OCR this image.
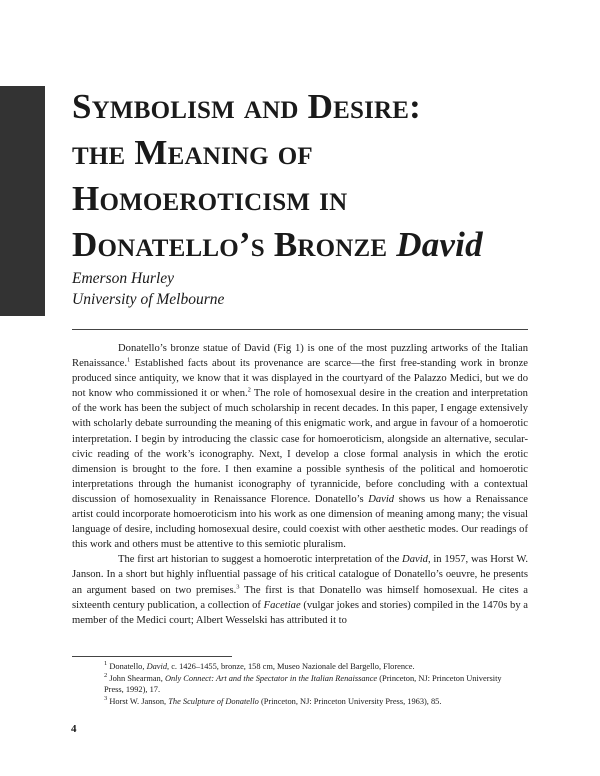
Symbolism and Desire:
the Meaning of
Homoeroticism in
Donatello’s Bronze David
Emerson Hurley
University of Melbourne

Donatello’s bronze statue of David (Fig 1) is one of the most puzzling artworks of the Italian Renaissance.$^1$ Established facts about its provenance are scarce—the first free-standing work in bronze produced since antiquity, we know that it was displayed in the courtyard of the Palazzo Medici, but we do not know who commissioned it or when.$^2$ The role of homosexual desire in the creation and interpretation of the work has been the subject of much scholarship in recent decades. In this paper, I engage extensively with scholarly debate surrounding the meaning of this enigmatic work, and argue in favour of a homoerotic interpretation. I begin by introducing the classic case for homoeroticism, alongside an alternative, secular-civic reading of the work’s iconography. Next, I develop a close formal analysis in which the erotic dimension is brought to the fore. I then examine a possible synthesis of the political and homoerotic interpretations through the humanist iconography of tyrannicide, before concluding with a contextual discussion of homosexuality in Renaissance Florence. Donatello’s David shows us how a Renaissance artist could incorporate homoeroticism into his work as one dimension of meaning among many; the visual language of desire, including homosexual desire, could coexist with other aesthetic modes. Our readings of this work and others must be attentive to this semiotic pluralism.

The first art historian to suggest a homoerotic interpretation of the David, in 1957, was Horst W. Janson. In a short but highly influential passage of his critical catalogue of Donatello’s oeuvre, he presents an argument based on two premises.$^3$ The first is that Donatello was himself homosexual. He cites a sixteenth century publication, a collection of Facetiae (vulgar jokes and stories) compiled in the 1470s by a member of the Medici court; Albert Wesselski has attributed it to

$^1$ Donatello, David, c. 1426–1455, bronze, 158 cm, Museo Nazionale del Bargello, Florence.
$^2$ John Shearman, Only Connect: Art and the Spectator in the Italian Renaissance (Princeton, NJ: Princeton University
Press, 1992), 17.
$^3$ Horst W. Janson, The Sculpture of Donatello (Princeton, NJ: Princeton University Press, 1963), 85.
4
